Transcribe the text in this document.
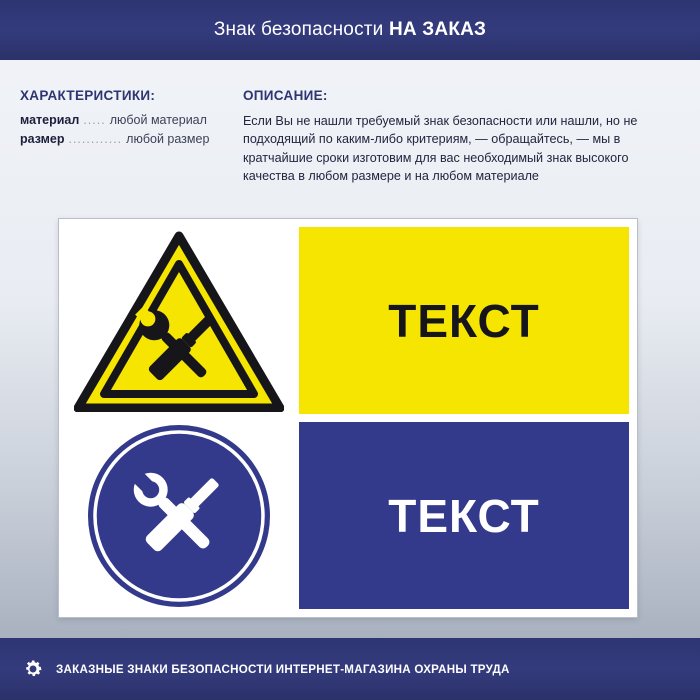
Знак безопасности НА ЗАКАЗ
ХАРАКТЕРИСТИКИ:
материал ..... любой материал
размер ............ любой размер
ОПИСАНИЕ:
Если Вы не нашли требуемый знак безопасности или нашли, но не подходящий по каким-либо критериям, — обращайтесь, — мы в кратчайшие сроки изготовим для вас необходимый знак высокого качества в любом размере и на любом материале
ТЕКСТ
ТЕКСТ
ЗАКАЗНЫЕ ЗНАКИ БЕЗОПАСНОСТИ ИНТЕРНЕТ-МАГАЗИНА ОХРАНЫ ТРУДА
